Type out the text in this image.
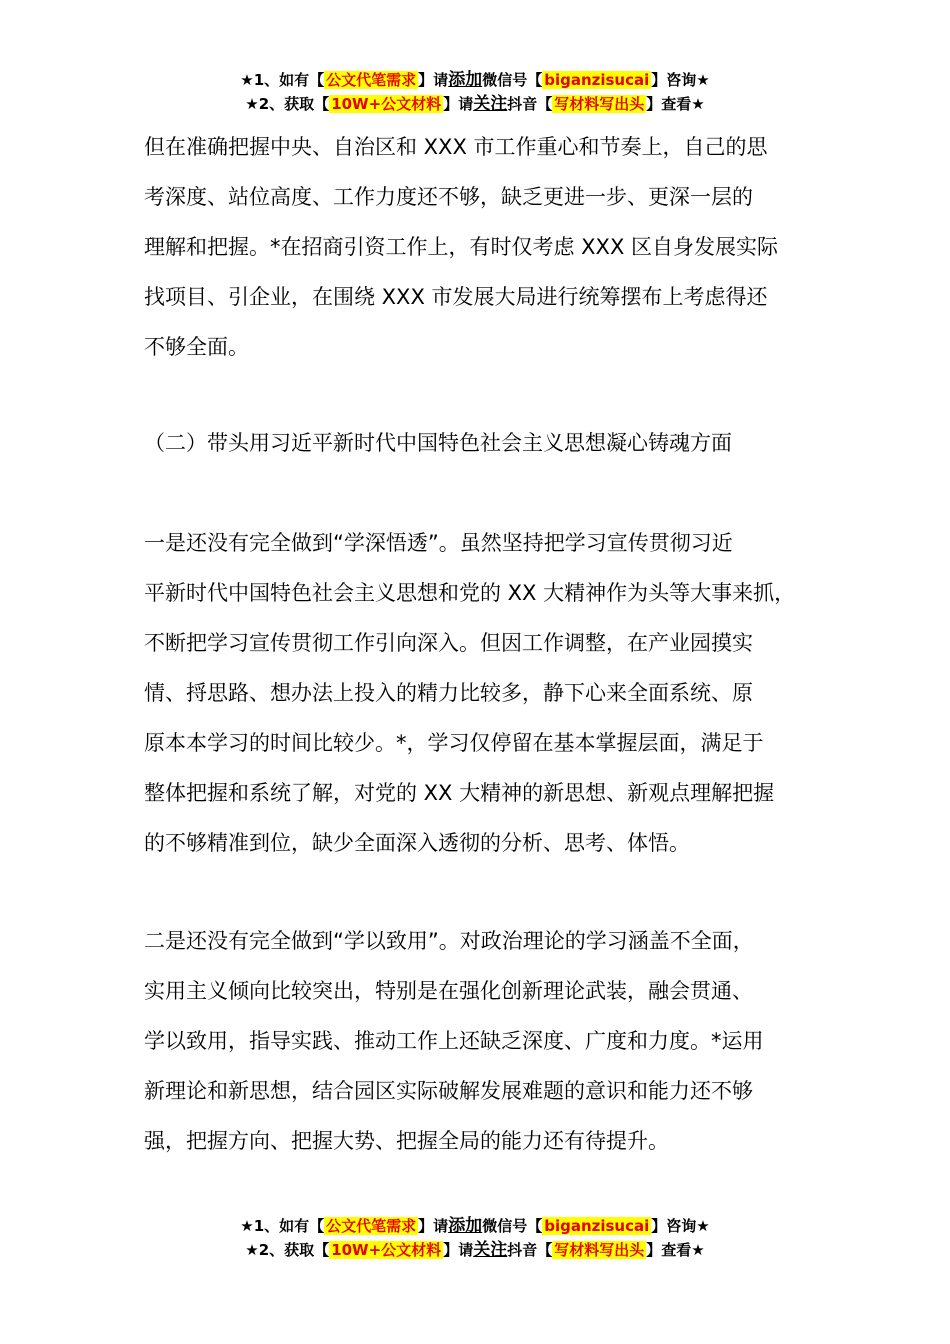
★1、如有【 公文代笔需求 】请添加微信号【 biganzisucai 】咨询★
★2、获取【 10W+公文材料 】请关注抖音【 写材料写出头 】查看★
但在准确把握中央、自治区和 XXX 市工作重心和节奏上，自己的思
考深度、站位高度、工作力度还不够，缺乏更进一步、更深一层的
理解和把握。*在招商引资工作上，有时仅考虑 XXX 区自身发展实际
找项目、引企业，在围绕 XXX 市发展大局进行统筹摆布上考虑得还
不够全面。
（二）带头用习近平新时代中国特色社会主义思想凝心铸魂方面
一是还没有完全做到“学深悟透”。虽然坚持把学习宣传贯彻习近
平新时代中国特色社会主义思想和党的 XX 大精神作为头等大事来抓，
不断把学习宣传贯彻工作引向深入。但因工作调整，在产业园摸实
情、捋思路、想办法上投入的精力比较多，静下心来全面系统、原
原本本学习的时间比较少。*，学习仅停留在基本掌握层面，满足于
整体把握和系统了解，对党的 XX 大精神的新思想、新观点理解把握
的不够精准到位，缺少全面深入透彻的分析、思考、体悟。
二是还没有完全做到“学以致用”。对政治理论的学习涵盖不全面，
实用主义倾向比较突出，特别是在强化创新理论武装，融会贯通、
学以致用，指导实践、推动工作上还缺乏深度、广度和力度。*运用
新理论和新思想，结合园区实际破解发展难题的意识和能力还不够
强，把握方向、把握大势、把握全局的能力还有待提升。
★1、如有【 公文代笔需求 】请添加微信号【 biganzisucai 】咨询★
★2、获取【 10W+公文材料 】请关注抖音【 写材料写出头 】查看★
